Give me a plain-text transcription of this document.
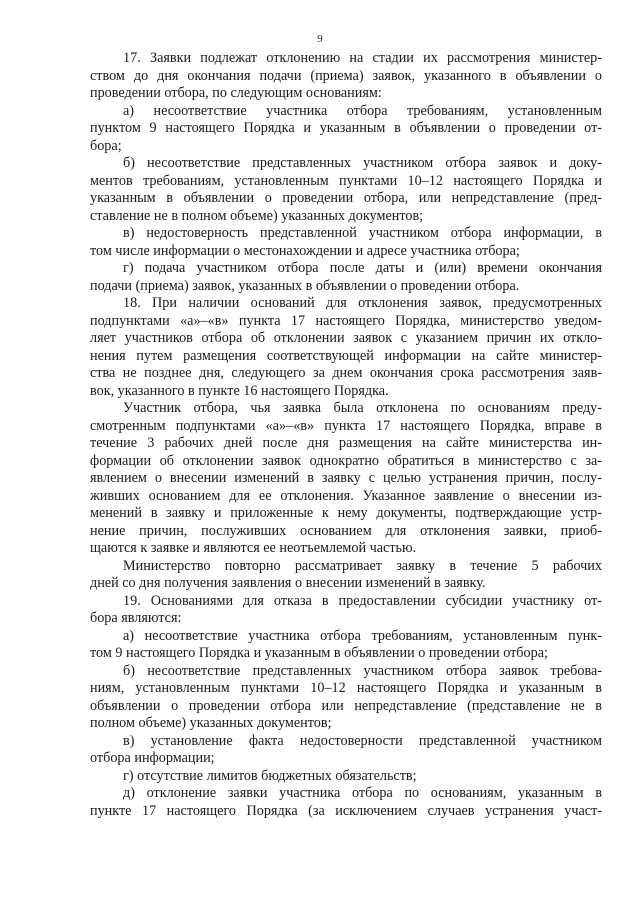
9
17. Заявки подлежат отклонению на стадии их рассмотрения министер-
ством до дня окончания подачи (приема) заявок, указанного в объявлении о
проведении отбора, по следующим основаниям:
а) несоответствие участника отбора требованиям, установленным
пунктом 9 настоящего Порядка и указанным в объявлении о проведении от-
бора;
б) несоответствие представленных участником отбора заявок и доку-
ментов требованиям, установленным пунктами 10–12 настоящего Порядка и
указанным в объявлении о проведении отбора, или непредставление (пред-
ставление не в полном объеме) указанных документов;
в) недостоверность представленной участником отбора информации, в
том числе информации о местонахождении и адресе участника отбора;
г) подача участником отбора после даты и (или) времени окончания
подачи (приема) заявок, указанных в объявлении о проведении отбора.
18. При наличии оснований для отклонения заявок, предусмотренных
подпунктами «а»–«в» пункта 17 настоящего Порядка, министерство уведом-
ляет участников отбора об отклонении заявок с указанием причин их откло-
нения путем размещения соответствующей информации на сайте министер-
ства не позднее дня, следующего за днем окончания срока рассмотрения заяв-
вок, указанного в пункте 16 настоящего Порядка.
Участник отбора, чья заявка была отклонена по основаниям преду-
смотренным подпунктами «а»–«в» пункта 17 настоящего Порядка, вправе в
течение 3 рабочих дней после дня размещения на сайте министерства ин-
формации об отклонении заявок однократно обратиться в министерство с за-
явлением о внесении изменений в заявку с целью устранения причин, послу-
живших основанием для ее отклонения. Указанное заявление о внесении из-
менений в заявку и приложенные к нему документы, подтверждающие устр-
нение причин, послуживших основанием для отклонения заявки, приоб-
щаются к заявке и являются ее неотъемлемой частью.
Министерство повторно рассматривает заявку в течение 5 рабочих
дней со дня получения заявления о внесении изменений в заявку.
19. Основаниями для отказа в предоставлении субсидии участнику от-
бора являются:
а) несоответствие участника отбора требованиям, установленным пунк-
том 9 настоящего Порядка и указанным в объявлении о проведении отбора;
б) несоответствие представленных участником отбора заявок требова-
ниям, установленным пунктами 10–12 настоящего Порядка и указанным в
объявлении о проведении отбора или непредставление (представление не в
полном объеме) указанных документов;
в) установление факта недостоверности представленной участником
отбора информации;
г) отсутствие лимитов бюджетных обязательств;
д) отклонение заявки участника отбора по основаниям, указанным в
пункте 17 настоящего Порядка (за исключением случаев устранения участ-
